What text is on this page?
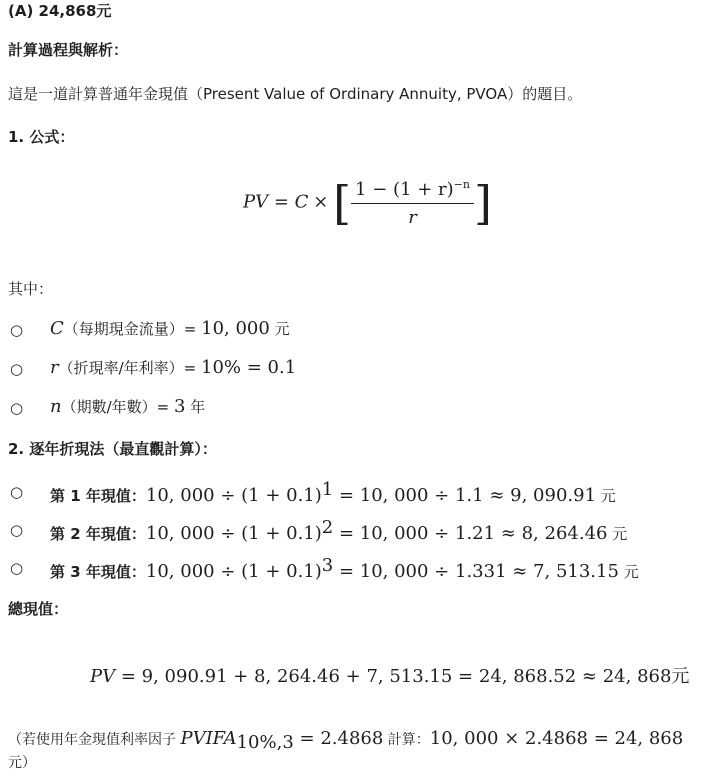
(A) 24,868元
計算過程與解析：
這是一道計算普通年金現值（Present Value of Ordinary Annuity, PVOA）的題目。
1. 公式：
PV = C × [ $\frac{1 - (1 + r)^{-n}}{r}$ ]
其中：
○ C（每期現金流量）= 10, 000 元
○ r（折現率/年利率）= 10% = 0.1
○ n（期數/年數）= 3 年
2. 逐年折現法（最直觀計算）：
○ 第 1 年現值：10, $000 \div (1 + 0.1)^1 = 10$, 000 ÷ 1.1 ≈ 9, 090.91 元
○ 第 2 年現值：10, $000 \div (1 + 0.1)^2 = 10$, 000 ÷ 1.21 ≈ 8, 264.46 元
○ 第 3 年現值：10, $000 \div (1 + 0.1)^3 = 10$, 000 ÷ 1.331 ≈ 7, 513.15 元
總現值：
PV = 9, 090.91 + 8, 264.46 + 7, 513.15 = 24, 868.52 ≈ 24, 868元
（若使用年金現值利率因子 $PVIFA_{10\%,3} = 2.4868$ 計算：10, 000 × 2.4868 = 24, 868
元）
